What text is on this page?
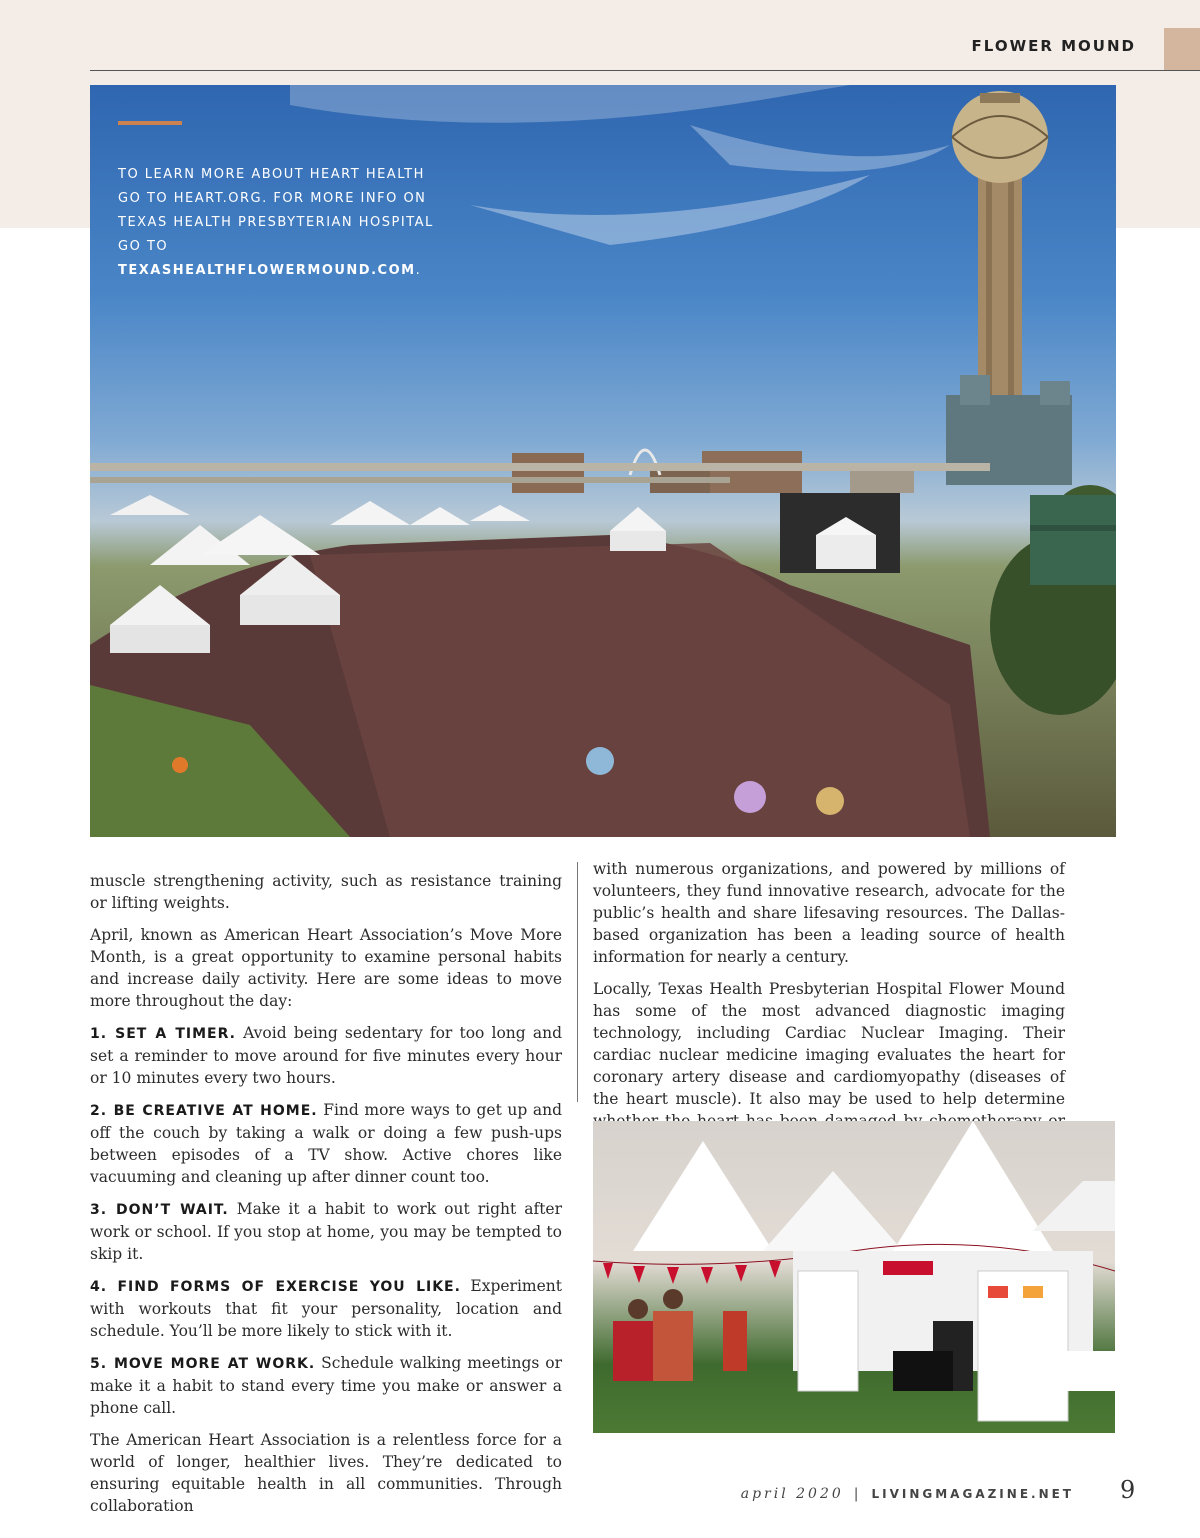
FLOWER MOUND
TO LEARN MORE ABOUT HEART HEALTH
GO TO HEART.ORG. FOR MORE INFO ON
TEXAS HEALTH PRESBYTERIAN HOSPITAL
GO TO TEXASHEALTHFLOWERMOUND.COM.

muscle strengthening activity, such as resistance training or lifting weights.

April, known as American Heart Association’s Move More Month, is a great opportunity to examine personal habits and increase daily activity. Here are some ideas to move more throughout the day:

1. SET A TIMER. Avoid being sedentary for too long and set a reminder to move around for five minutes every hour or 10 minutes every two hours.

2. BE CREATIVE AT HOME. Find more ways to get up and off the couch by taking a walk or doing a few push-ups between episodes of a TV show. Active chores like vacuuming and cleaning up after dinner count too.

3. DON’T WAIT. Make it a habit to work out right after work or school. If you stop at home, you may be tempted to skip it.

4. FIND FORMS OF EXERCISE YOU LIKE. Experiment with workouts that fit your personality, location and schedule. You’ll be more likely to stick with it.

5. MOVE MORE AT WORK. Schedule walking meetings or make it a habit to stand every time you make or answer a phone call.

The American Heart Association is a relentless force for a world of longer, healthier lives. They’re dedicated to ensuring equitable health in all communities. Through collaboration

with numerous organizations, and powered by millions of volunteers, they fund innovative research, advocate for the public’s health and share lifesaving resources. The Dallas-based organization has been a leading source of health information for nearly a century.

Locally, Texas Health Presbyterian Hospital Flower Mound has some of the most advanced diagnostic imaging technology, including Cardiac Nuclear Imaging. Their cardiac nuclear medicine imaging evaluates the heart for coronary artery disease and cardiomyopathy (diseases of the heart muscle). It also may be used to help determine

april 2020 | LIVINGMAGAZINE.NET 9
